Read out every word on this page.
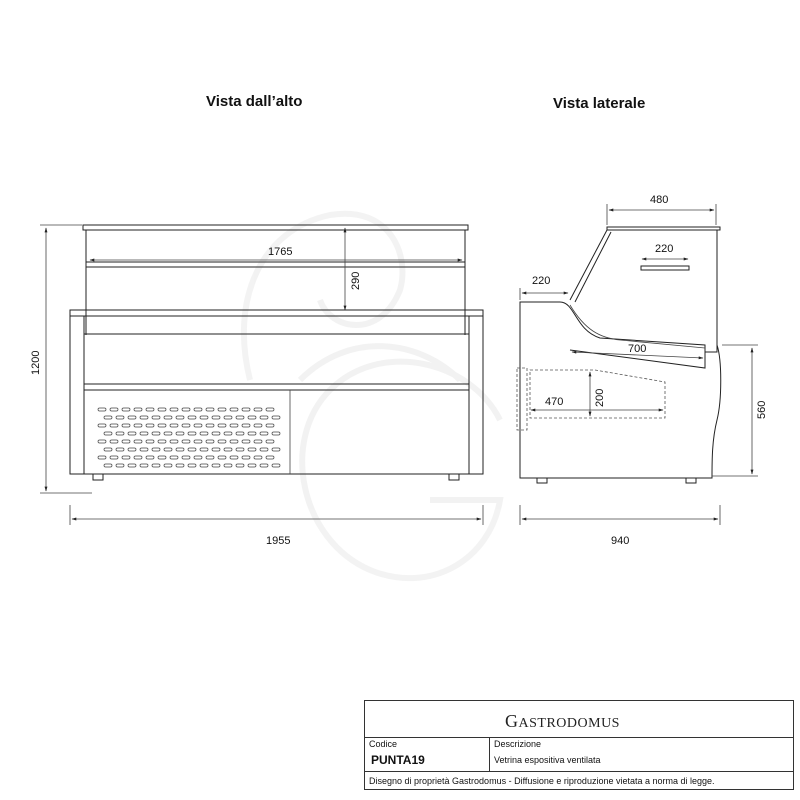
Vista dall’alto	Vista laterale
1765
290
1200
1955
220
700
470	200
480
220
560
940
GASTRODOMUS
Codice
PUNTA19
Descrizione
Vetrina espositiva ventilata
Disegno di proprietà Gastrodomus - Diffusione e riproduzione vietata a norma di legge.
